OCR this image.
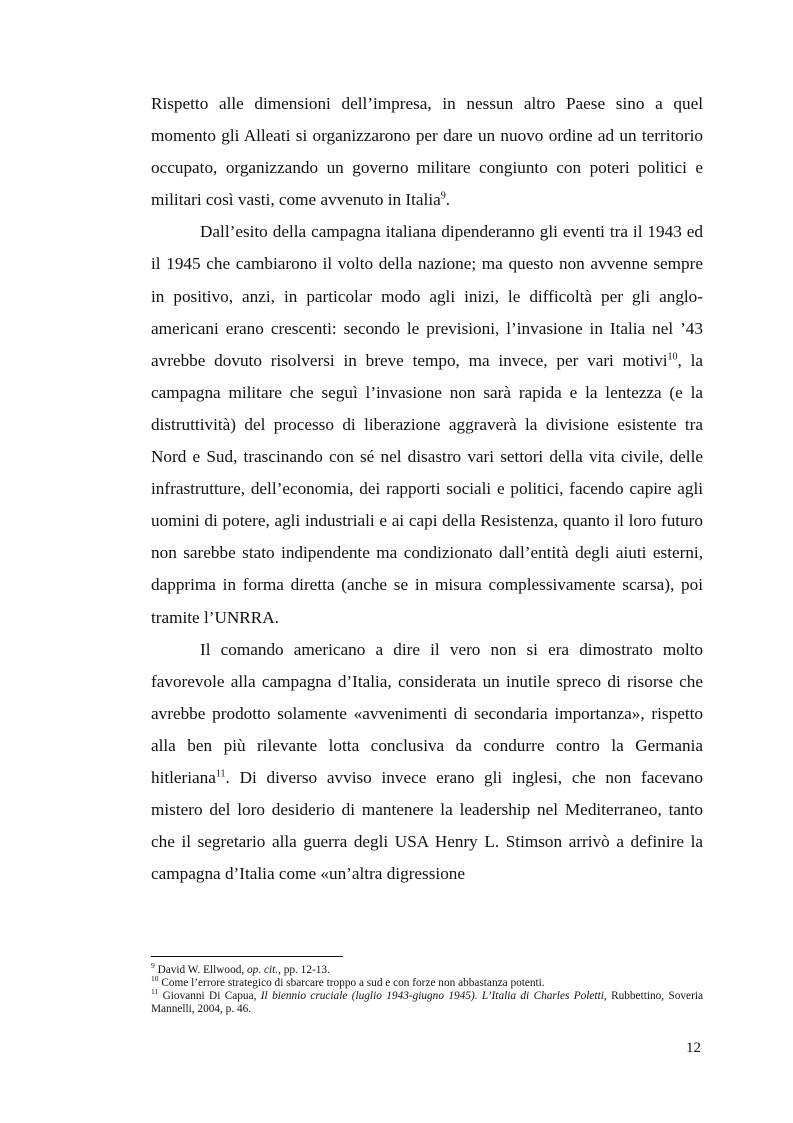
Rispetto alle dimensioni dell’impresa, in nessun altro Paese sino a quel momento gli Alleati si organizzarono per dare un nuovo ordine ad un territorio occupato, organizzando un governo militare congiunto con poteri politici e militari così vasti, come avvenuto in Italia$^9$.

Dall’esito della campagna italiana dipenderanno gli eventi tra il 1943 ed il 1945 che cambiarono il volto della nazione; ma questo non avvenne sempre in positivo, anzi, in particolar modo agli inizi, le difficoltà per gli anglo-americani erano crescenti: secondo le previsioni, l’invasione in Italia nel ’43 avrebbe dovuto risolversi in breve tempo, ma invece, per vari motivi$^{10}$, la campagna militare che seguì l’invasione non sarà rapida e la lentezza (e la distruttività) del processo di liberazione aggraverà la divisione esistente tra Nord e Sud, trascinando con sé nel disastro vari settori della vita civile, delle infrastrutture, dell’economia, dei rapporti sociali e politici, facendo capire agli uomini di potere, agli industriali e ai capi della Resistenza, quanto il loro futuro non sarebbe stato indipendente ma condizionato dall’entità degli aiuti esterni, dapprima in forma diretta (anche se in misura complessivamente scarsa), poi tramite l’UNRRA.

Il comando americano a dire il vero non si era dimostrato molto favorevole alla campagna d’Italia, considerata un inutile spreco di risorse che avrebbe prodotto solamente «avvenimenti di secondaria importanza», rispetto alla ben più rilevante lotta conclusiva da condurre contro la Germania hitleriana$^{11}$. Di diverso avviso invece erano gli inglesi, che non facevano mistero del loro desiderio di mantenere la leadership nel Mediterraneo, tanto che il segretario alla guerra degli USA Henry L. Stimson arrivò a definire la campagna d’Italia come «un’altra digressione

$^9$ David W. Ellwood, op. cit., pp. 12-13.

$^{10}$ Come l’errore strategico di sbarcare troppo a sud e con forze non abbastanza potenti.

$^{11}$ Giovanni Di Capua, Il biennio cruciale (luglio 1943-giugno 1945). L’Italia di Charles Poletti, Rubbettino, Soveria Mannelli, 2004, p. 46.

12
